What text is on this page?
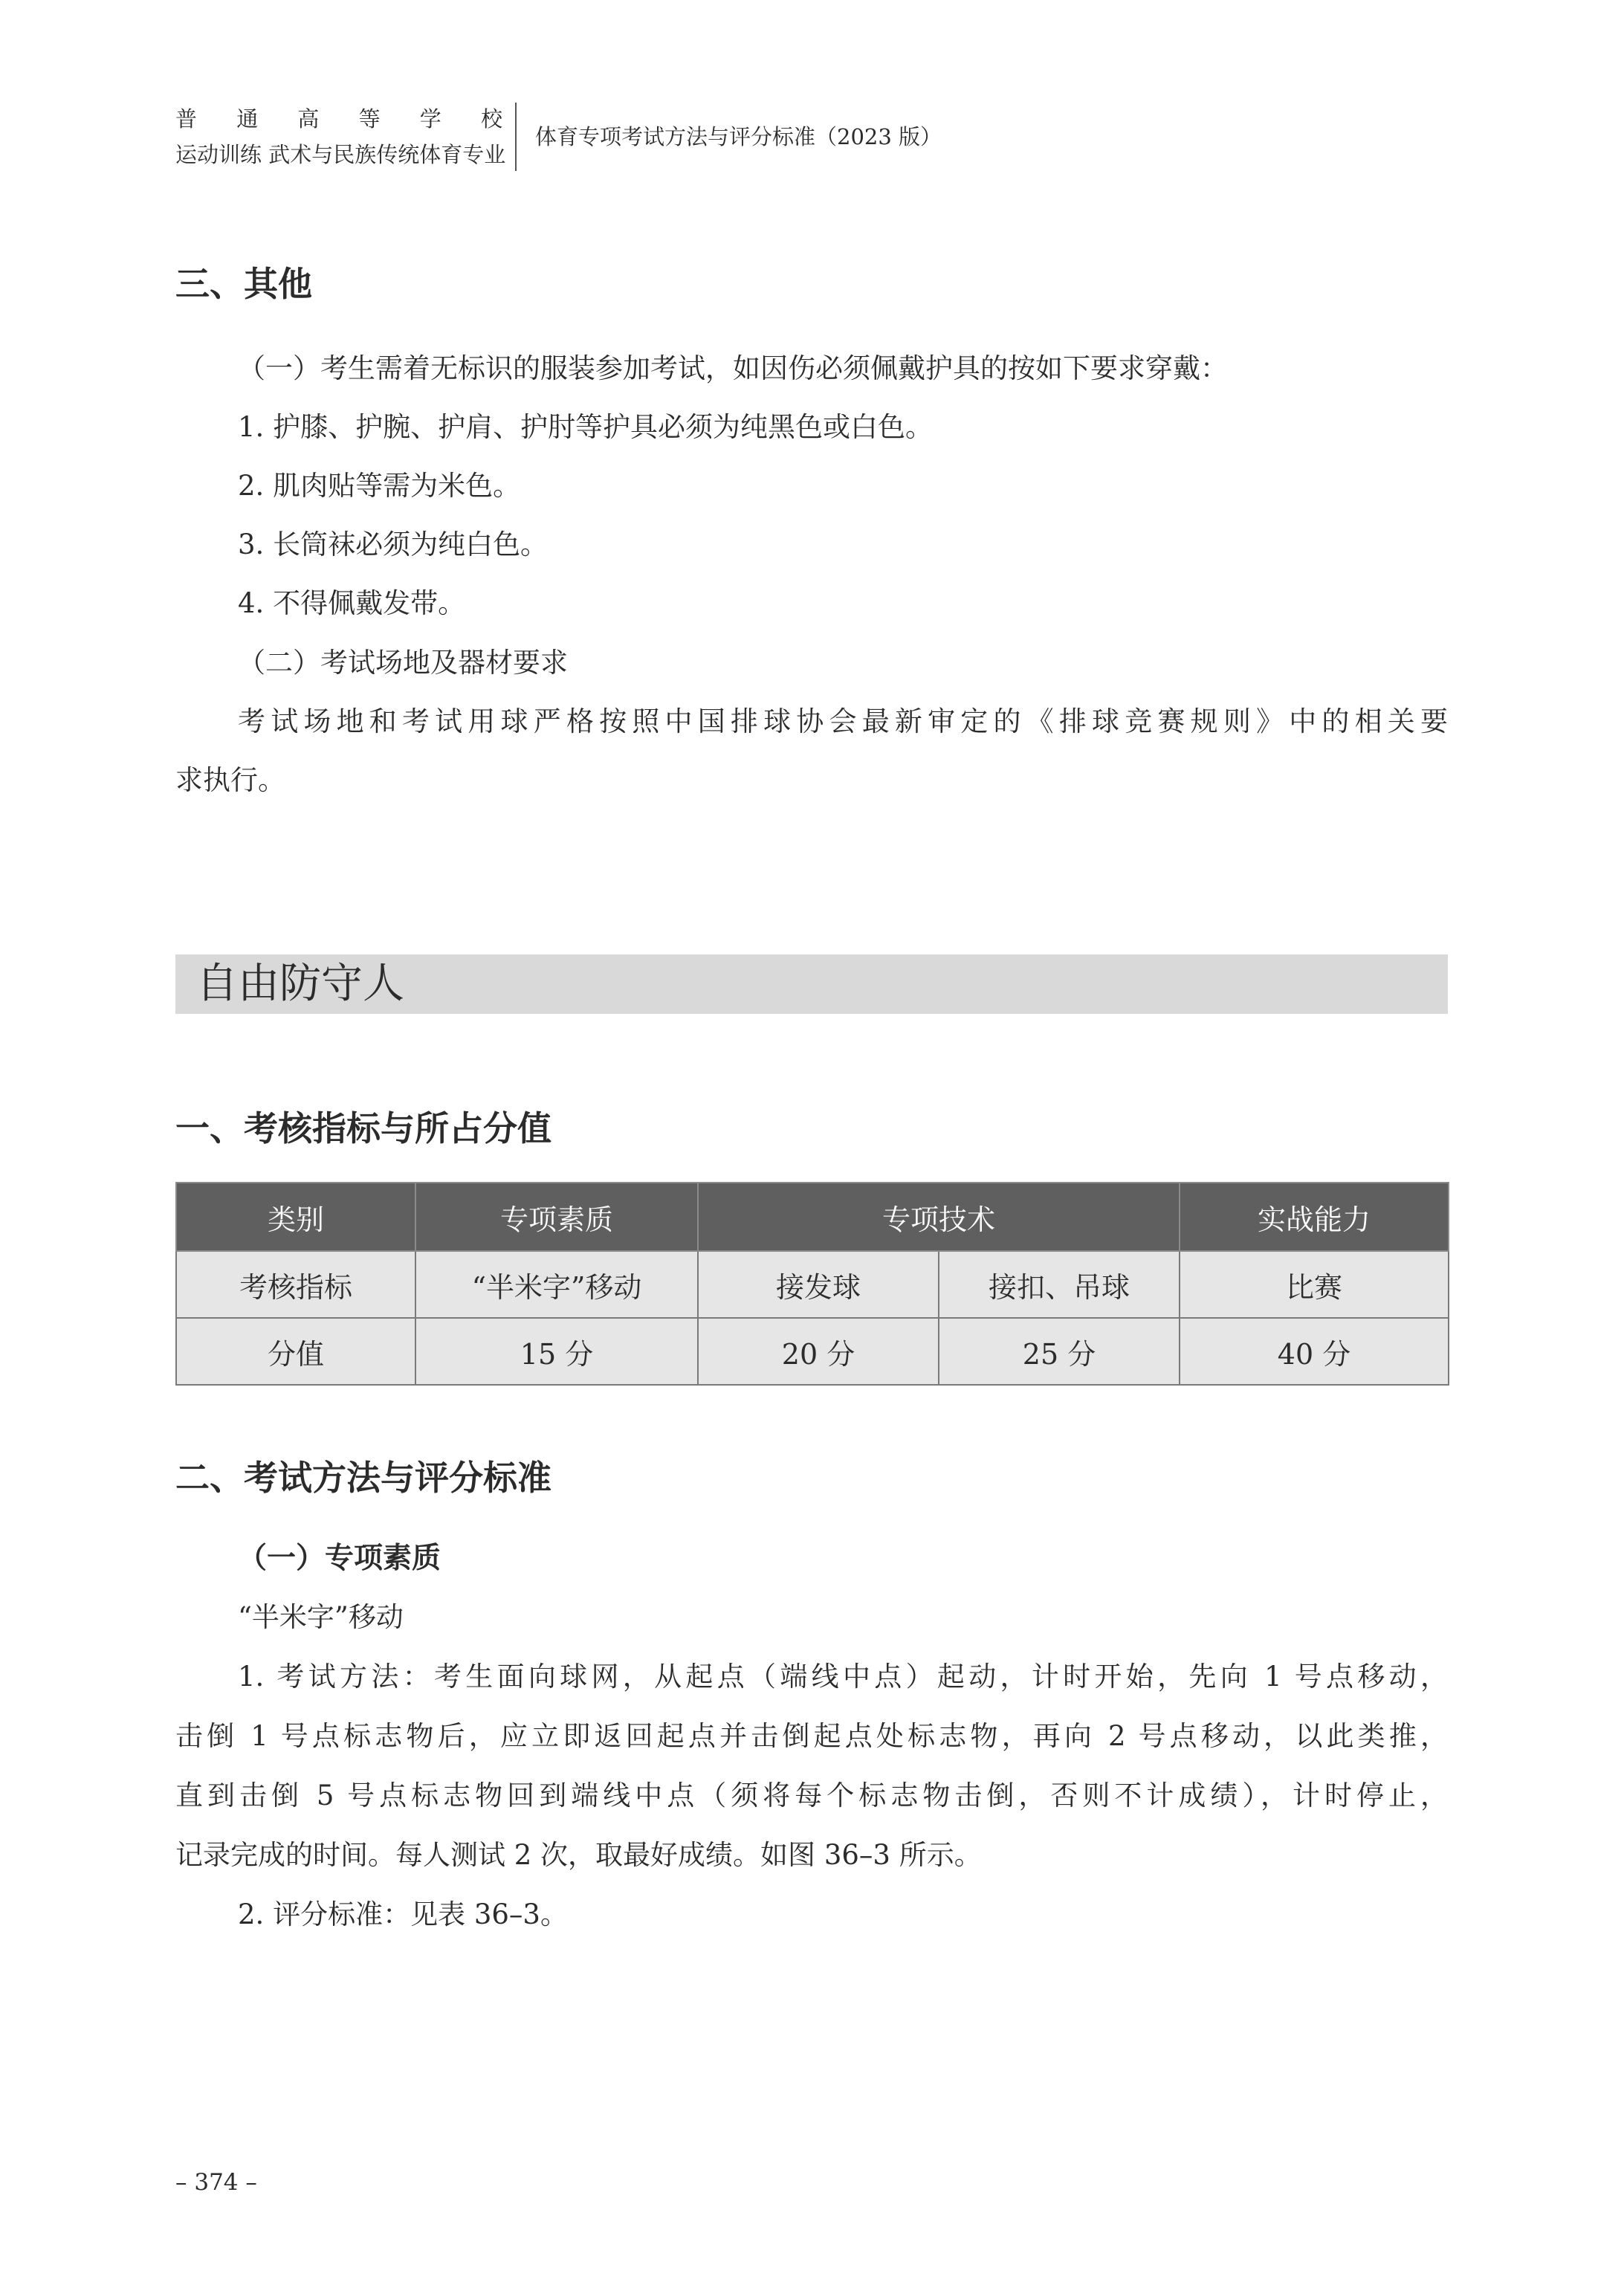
普 通 高 等 学 校
运动训练 武术与民族传统体育专业
体育专项考试方法与评分标准（2023 版）
三、其他
（一）考生需着无标识的服装参加考试，如因伤必须佩戴护具的按如下要求穿戴：
1. 护膝、护腕、护肩、护肘等护具必须为纯黑色或白色。
2. 肌肉贴等需为米色。
3. 长筒袜必须为纯白色。
4. 不得佩戴发带。
（二）考试场地及器材要求
考试场地和考试用球严格按照中国排球协会最新审定的《排球竞赛规则》中的相关要
求执行。
自由防守人
一、考核指标与所占分值
类别	专项素质	专项技术		实战能力
考核指标	“半米字”移动	接发球	接扣、吊球	比赛
分值	15 分	20 分	25 分	40 分
二、考试方法与评分标准
（一）专项素质
“半米字”移动
1. 考试方法：考生面向球网，从起点（端线中点）起动，计时开始，先向 1 号点移动，
击倒 1 号点标志物后，应立即返回起点并击倒起点处标志物，再向 2 号点移动，以此类推，
直到击倒 5 号点标志物回到端线中点（须将每个标志物击倒，否则不计成绩），计时停止，
记录完成的时间。每人测试 2 次，取最好成绩。如图 36–3 所示。
2. 评分标准：见表 36–3。
– 374 –
